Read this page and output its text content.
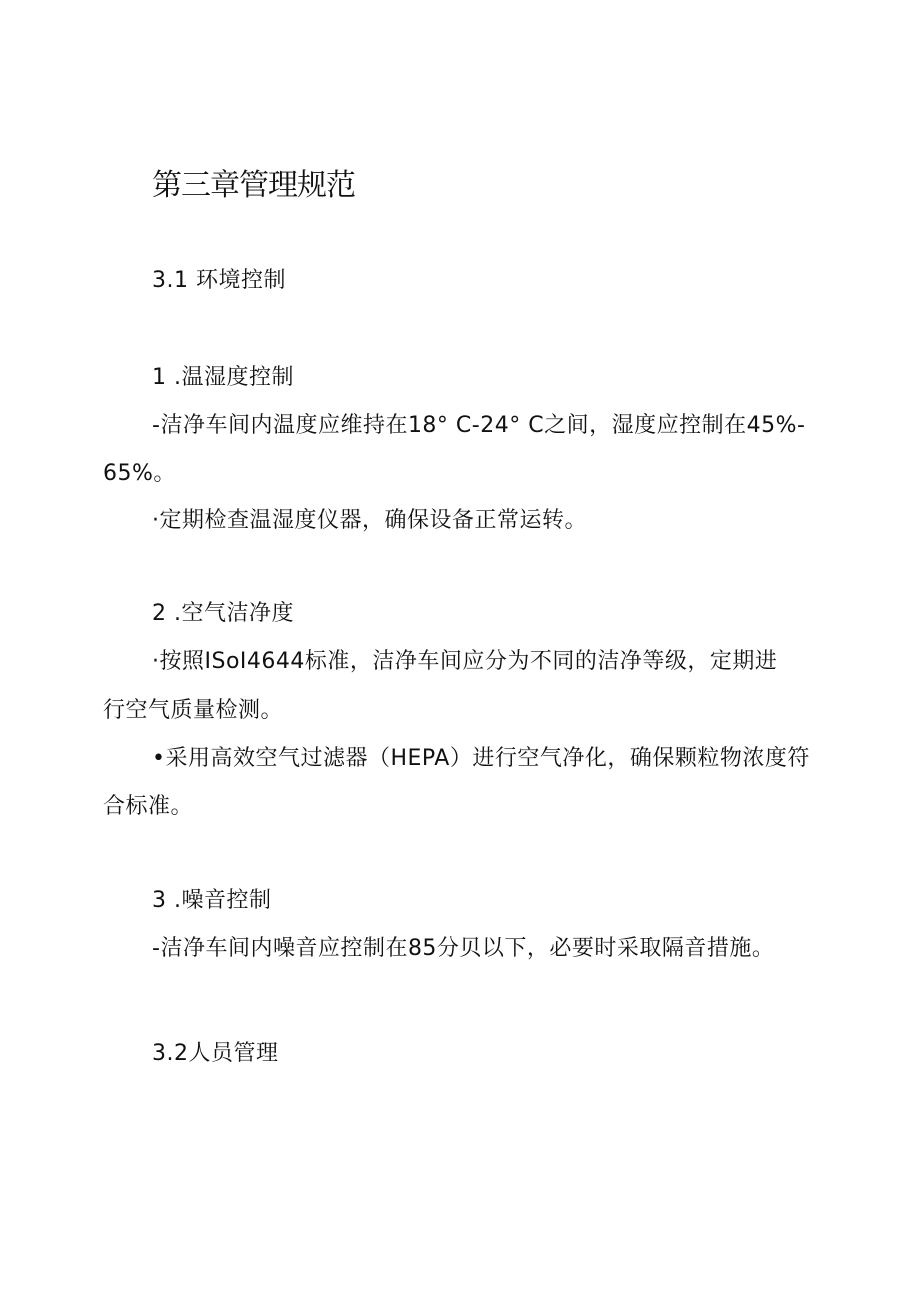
第三章管理规范
3.1 环境控制
1 .温湿度控制
-洁净车间内温度应维持在18° C-24° C之间，湿度应控制在45%-
65%。
·定期检查温湿度仪器，确保设备正常运转。
2 .空气洁净度
·按照ISoI4644标准，洁净车间应分为不同的洁净等级，定期进
行空气质量检测。
•采用高效空气过滤器（HEPA）进行空气净化，确保颗粒物浓度符
合标准。
3 .噪音控制
-洁净车间内噪音应控制在85分贝以下，必要时采取隔音措施。
3.2人员管理
